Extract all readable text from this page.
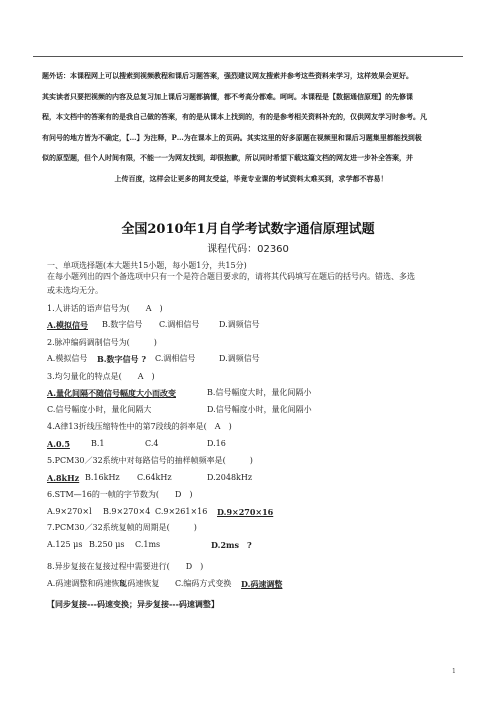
题外话：本课程网上可以搜索到视频教程和课后习题答案，强烈建议网友搜索并参考这些资料来学习，这样效果会更好。

其实读者只要把视频的内容及总复习加上课后习题都搞懂，都不考高分都难。呵呵。本课程是【数据通信原理】的先修课

程，本文档中的答案有的是我自己做的答案，有的是从课本上找到的，有的是参考相关资料补充的，仅供网友学习时参考。凡

有问号的地方皆为不确定，【…】为注释，P…为在课本上的页码。其实这里的好多原题在视频里和课后习题集里都能找到极

似的原型题，但个人时间有限，不能一一为网友找到，却很抱歉，所以同时希望下载这篇文档的网友进一步补全答案，并

上传百度，这样会让更多的网友受益，毕竟专业课的考试资料太难买到，求学都不容易！

全国2010年1月自学考试数字通信原理试题
课程代码：02360
一、单项选择题(本大题共15小题，每小题1分，共15分)
在每小题列出的四个备选项中只有一个是符合题目要求的，请将其代码填写在题后的括号内。错选、多选
或未选均无分。
1.人讲话的语声信号为(　　A　)
A.模拟信号 B.数字信号 C.调相信号 D.调频信号
2.脉冲编码调制信号为(　　　)
A.模拟信号 B.数字信号 ? C.调相信号	D.调频信号
3.均匀量化的特点是(　　A　)
A.量化间隔不随信号幅度大小而改变	B.信号幅度大时，量化间隔小
C.信号幅度小时，量化间隔大	D.信号幅度小时，量化间隔小
4.A律13折线压缩特性中的第7段线的斜率是(　A　)
A.0.5	B.1	C.4	D.16
5.PCM30／32系统中对每路信号的抽样帧频率是(　　　)
A.8kHz B.16kHz C.64kHz	D.2048kHz
6.STM—16的一帧的字节数为(　　D　)
A.9×270×l B.9×270×4 C.9×261×16 D.9×270×16
7.PCM30／32系统复帧的周期是(　　　)
A.125 μs B.250 μs C.1ms	D.2ms　?
8.异步复接在复接过程中需要进行(　　D　)
A.码速调整和码速恢复
B.码速恢复 C.编码方式变换 D.码速调整
【同步复接---码速变换；异步复接---码速调整】
1
